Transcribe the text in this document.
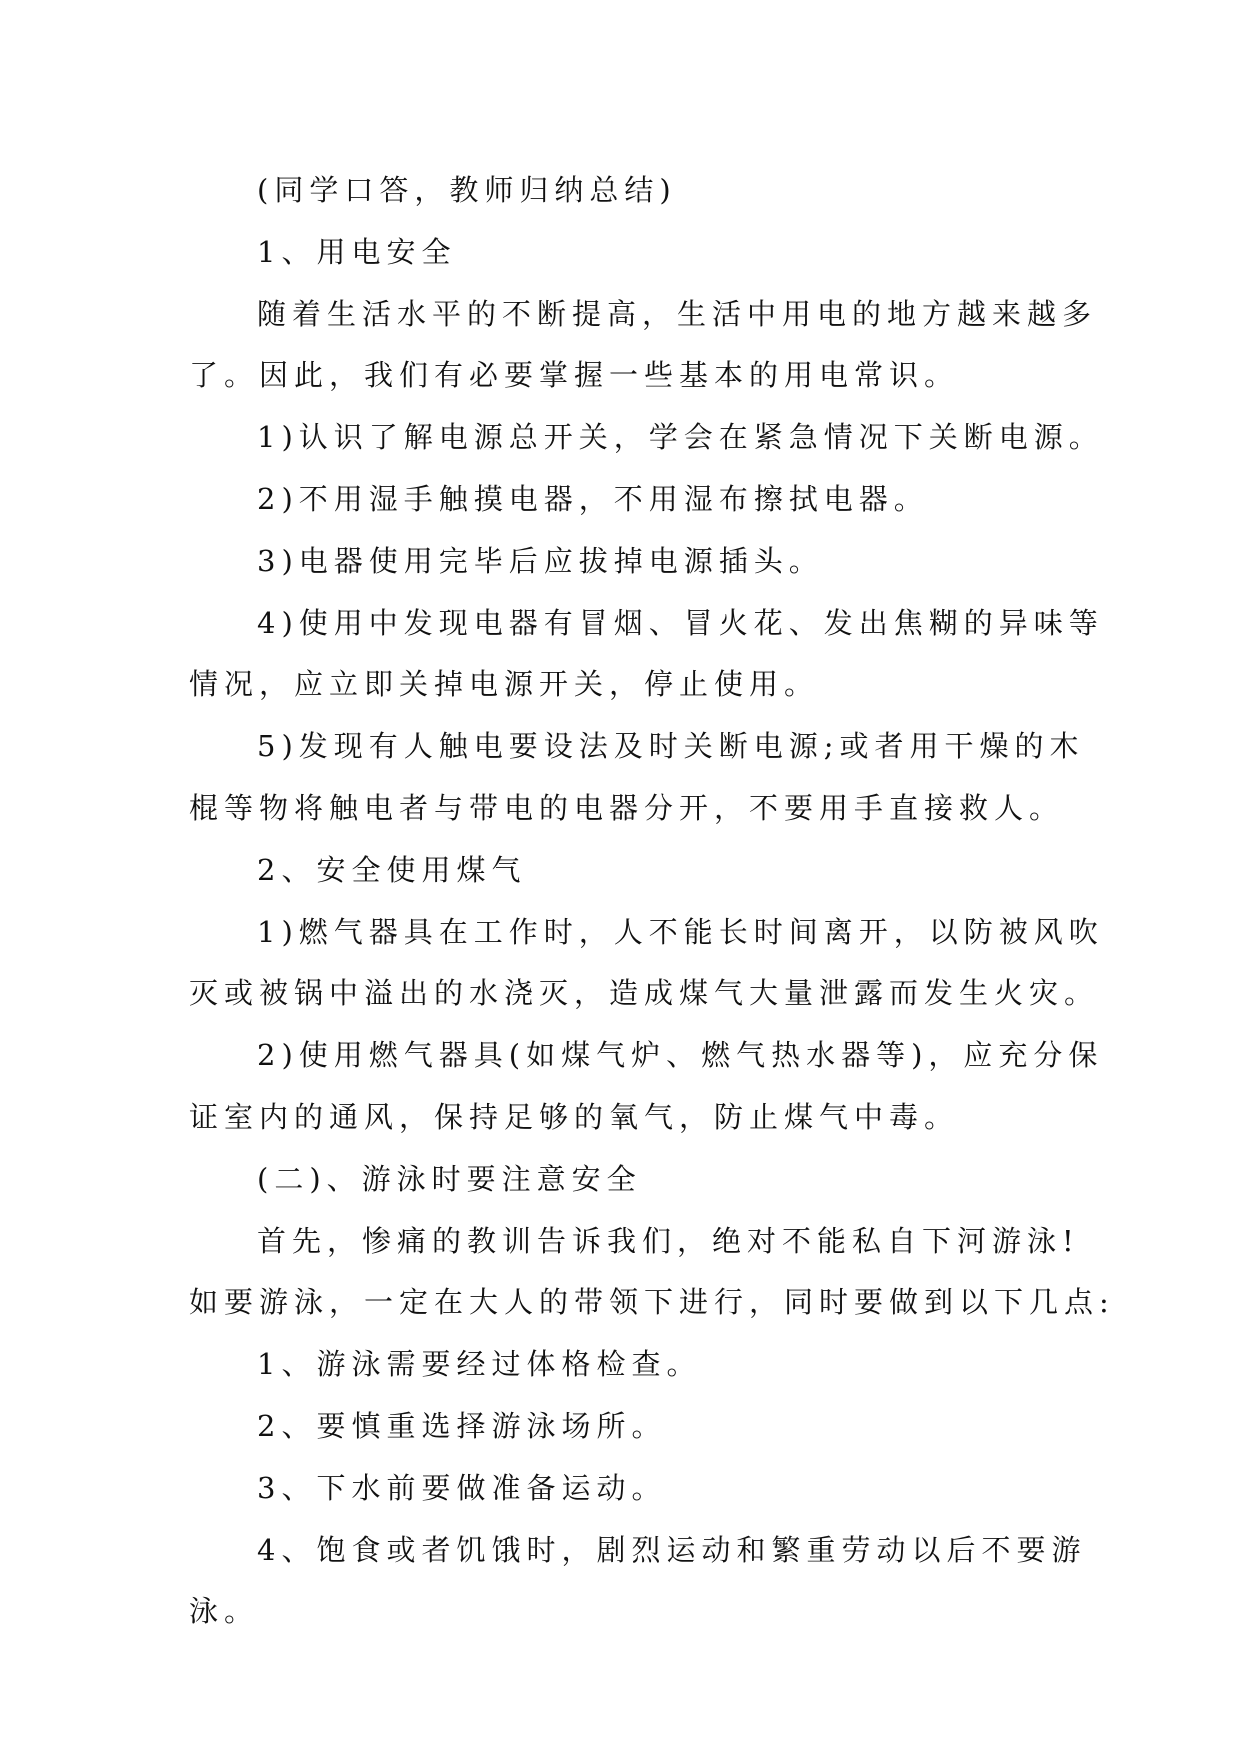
(同学口答，教师归纳总结)
1、用电安全
随着生活水平的不断提高，生活中用电的地方越来越多
了。因此，我们有必要掌握一些基本的用电常识。
1)认识了解电源总开关，学会在紧急情况下关断电源。
2)不用湿手触摸电器，不用湿布擦拭电器。
3)电器使用完毕后应拔掉电源插头。
4)使用中发现电器有冒烟、冒火花、发出焦糊的异味等
情况，应立即关掉电源开关，停止使用。
5)发现有人触电要设法及时关断电源;或者用干燥的木
棍等物将触电者与带电的电器分开，不要用手直接救人。
2、安全使用煤气
1)燃气器具在工作时，人不能长时间离开，以防被风吹
灭或被锅中溢出的水浇灭，造成煤气大量泄露而发生火灾。
2)使用燃气器具(如煤气炉、燃气热水器等)，应充分保
证室内的通风，保持足够的氧气，防止煤气中毒。
(二)、游泳时要注意安全
首先，惨痛的教训告诉我们，绝对不能私自下河游泳!
如要游泳，一定在大人的带领下进行，同时要做到以下几点:
1、游泳需要经过体格检查。
2、要慎重选择游泳场所。
3、下水前要做准备运动。
4、饱食或者饥饿时，剧烈运动和繁重劳动以后不要游
泳。
